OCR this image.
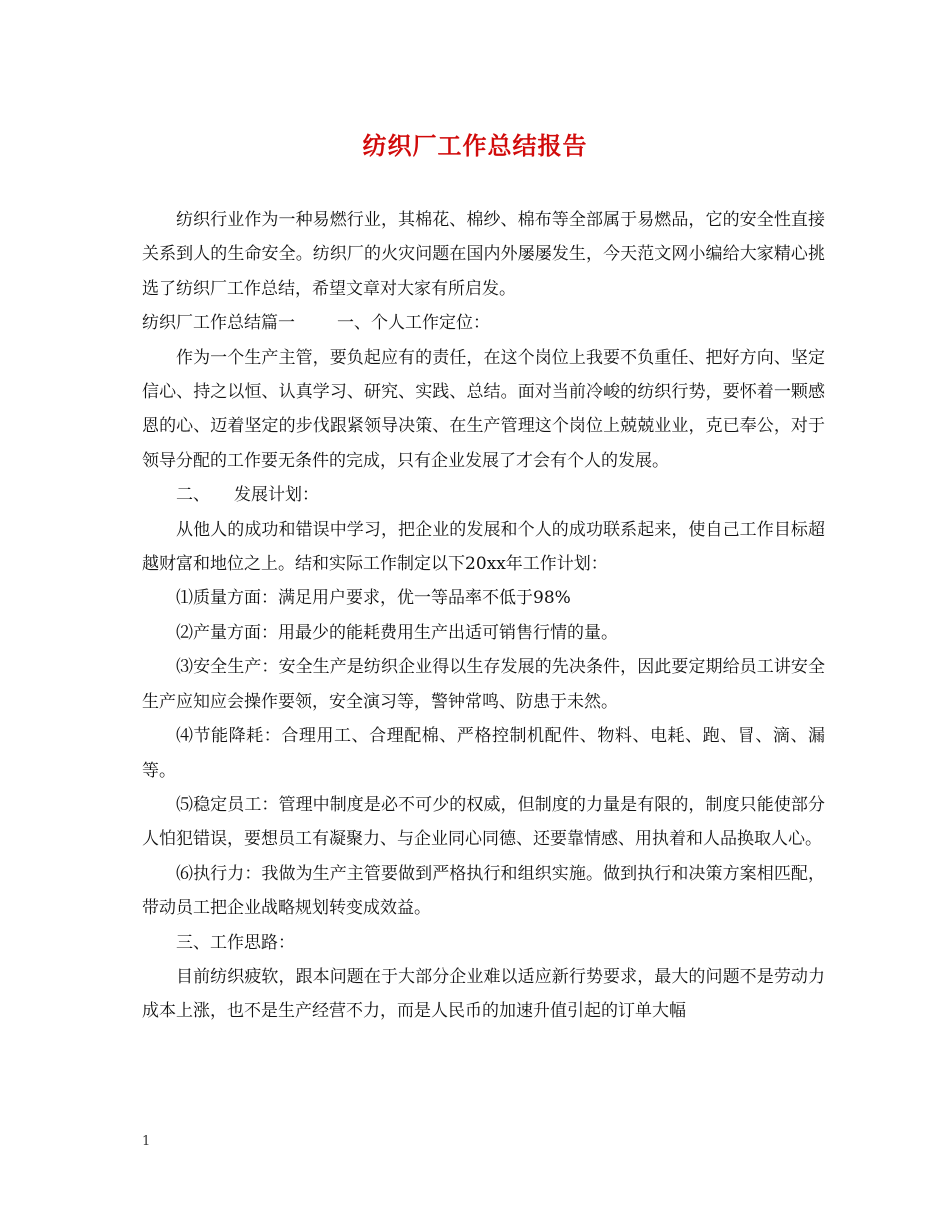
纺织厂工作总结报告

纺织行业作为一种易燃行业，其棉花、棉纱、棉布等全部属于易燃品，它的安全性直接关系到人的生命安全。纺织厂的火灾问题在国内外屡屡发生，今天范文网小编给大家精心挑选了纺织厂工作总结，希望文章对大家有所启发。

纺织厂工作总结篇一 一、个人工作定位：

作为一个生产主管，要负起应有的责任，在这个岗位上我要不负重任、把好方向、坚定信心、持之以恒、认真学习、研究、实践、总结。面对当前冷峻的纺织行势，要怀着一颗感恩的心、迈着坚定的步伐跟紧领导决策、在生产管理这个岗位上兢兢业业，克已奉公，对于领导分配的工作要无条件的完成，只有企业发展了才会有个人的发展。

二、 发展计划：

从他人的成功和错误中学习，把企业的发展和个人的成功联系起来，使自己工作目标超越财富和地位之上。结和实际工作制定以下20xx年工作计划：

⑴质量方面：满足用户要求，优一等品率不低于98%

⑵产量方面：用最少的能耗费用生产出适可销售行情的量。

⑶安全生产：安全生产是纺织企业得以生存发展的先决条件，因此要定期给员工讲安全生产应知应会操作要领，安全演习等，警钟常鸣、防患于未然。

⑷节能降耗：合理用工、合理配棉、严格控制机配件、物料、电耗、跑、冒、滴、漏等。

⑸稳定员工：管理中制度是必不可少的权威，但制度的力量是有限的，制度只能使部分人怕犯错误，要想员工有凝聚力、与企业同心同德、还要靠情感、用执着和人品换取人心。

⑹执行力：我做为生产主管要做到严格执行和组织实施。做到执行和决策方案相匹配，带动员工把企业战略规划转变成效益。

三、工作思路：

目前纺织疲软，跟本问题在于大部分企业难以适应新行势要求，最大的问题不是劳动力成本上涨，也不是生产经营不力，而是人民币的加速升值引起的订单大幅

1
